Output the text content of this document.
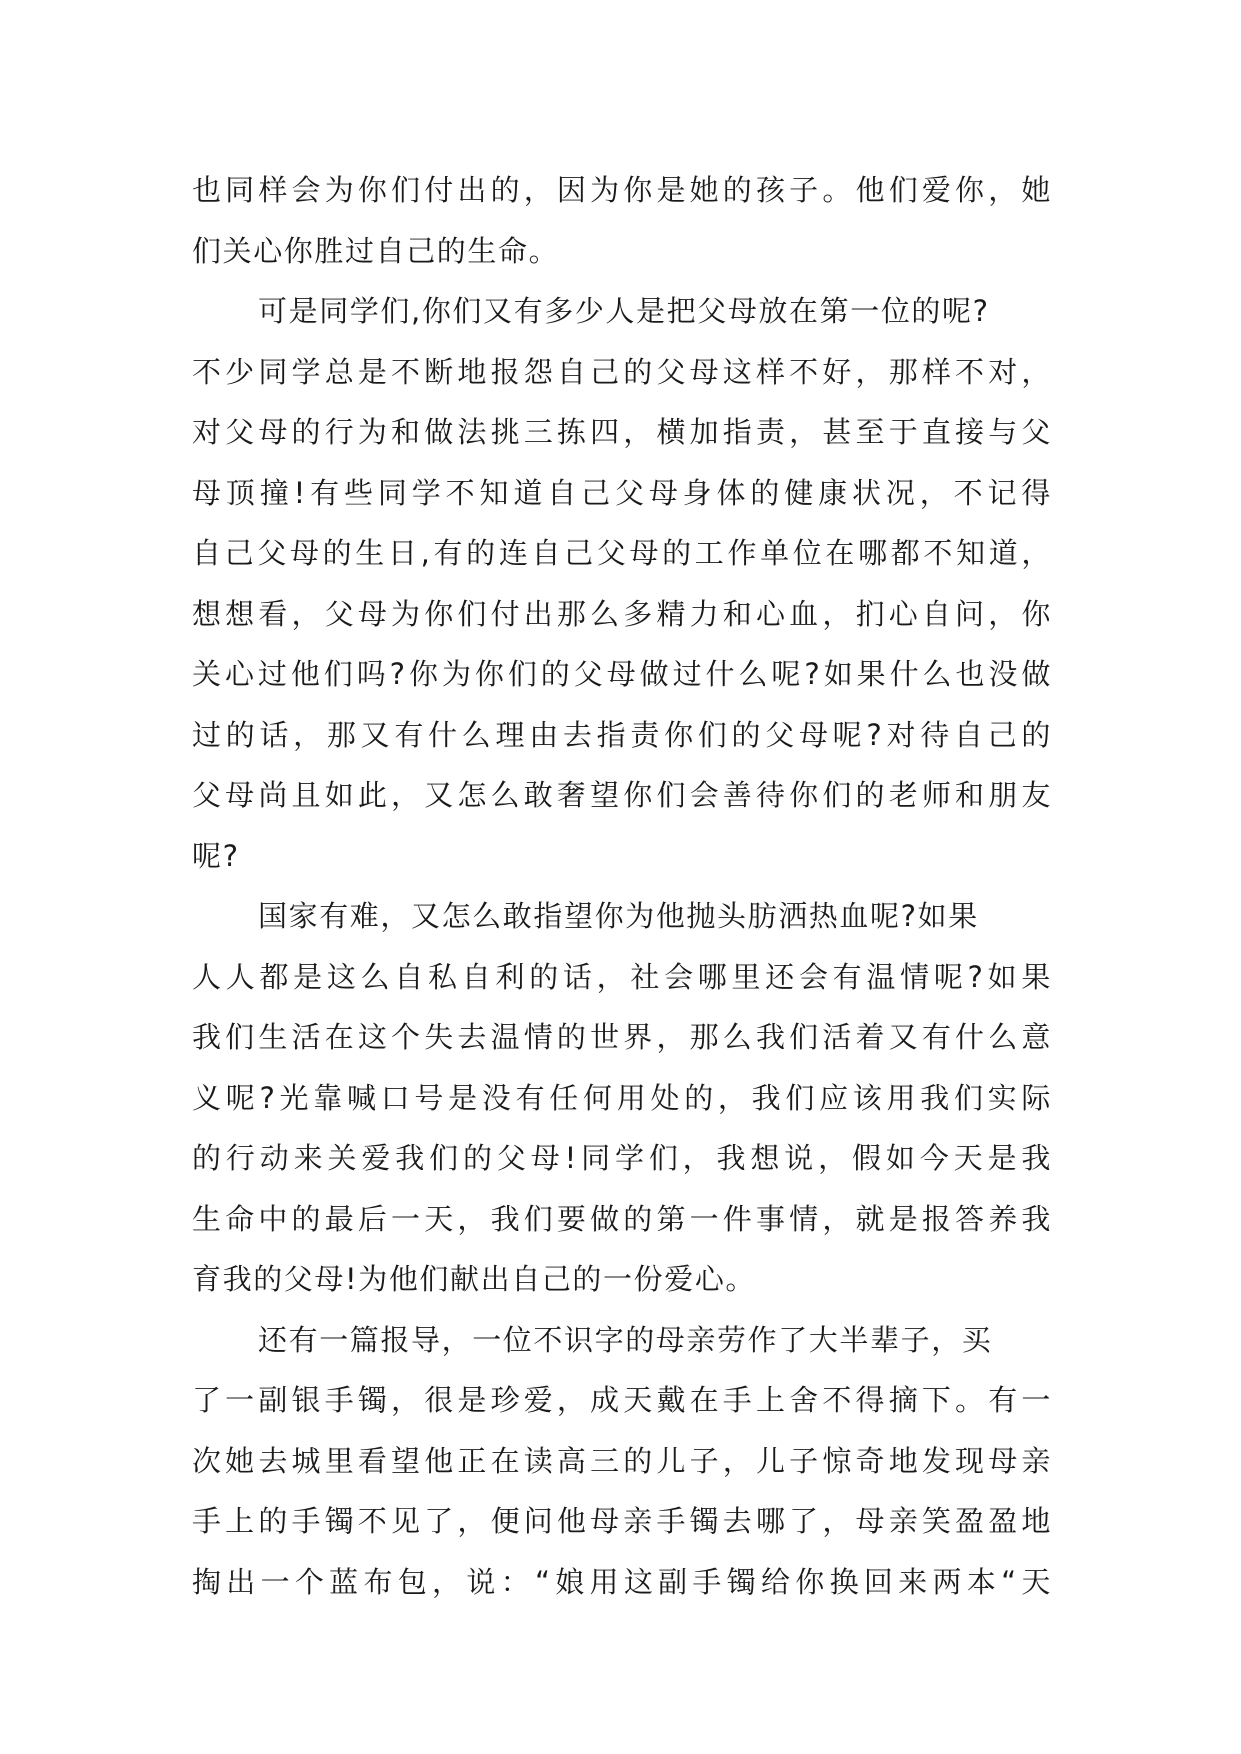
也同样会为你们付出的，因为你是她的孩子。他们爱你，她
们关心你胜过自己的生命。
可是同学们,你们又有多少人是把父母放在第一位的呢?
不少同学总是不断地报怨自己的父母这样不好，那样不对，
对父母的行为和做法挑三拣四，横加指责，甚至于直接与父
母顶撞!有些同学不知道自己父母身体的健康状况，不记得
自己父母的生日,有的连自己父母的工作单位在哪都不知道，
想想看，父母为你们付出那么多精力和心血，扪心自问，你
关心过他们吗?你为你们的父母做过什么呢?如果什么也没做
过的话，那又有什么理由去指责你们的父母呢?对待自己的
父母尚且如此，又怎么敢奢望你们会善待你们的老师和朋友
呢?
国家有难，又怎么敢指望你为他抛头肪洒热血呢?如果
人人都是这么自私自利的话，社会哪里还会有温情呢?如果
我们生活在这个失去温情的世界，那么我们活着又有什么意
义呢?光靠喊口号是没有任何用处的，我们应该用我们实际
的行动来关爱我们的父母!同学们，我想说，假如今天是我
生命中的最后一天，我们要做的第一件事情，就是报答养我
育我的父母!为他们献出自己的一份爱心。
还有一篇报导，一位不识字的母亲劳作了大半辈子，买
了一副银手镯，很是珍爱，成天戴在手上舍不得摘下。有一
次她去城里看望他正在读高三的儿子，儿子惊奇地发现母亲
手上的手镯不见了，便问他母亲手镯去哪了，母亲笑盈盈地
掏出一个蓝布包，说：“娘用这副手镯给你换回来两本“天
